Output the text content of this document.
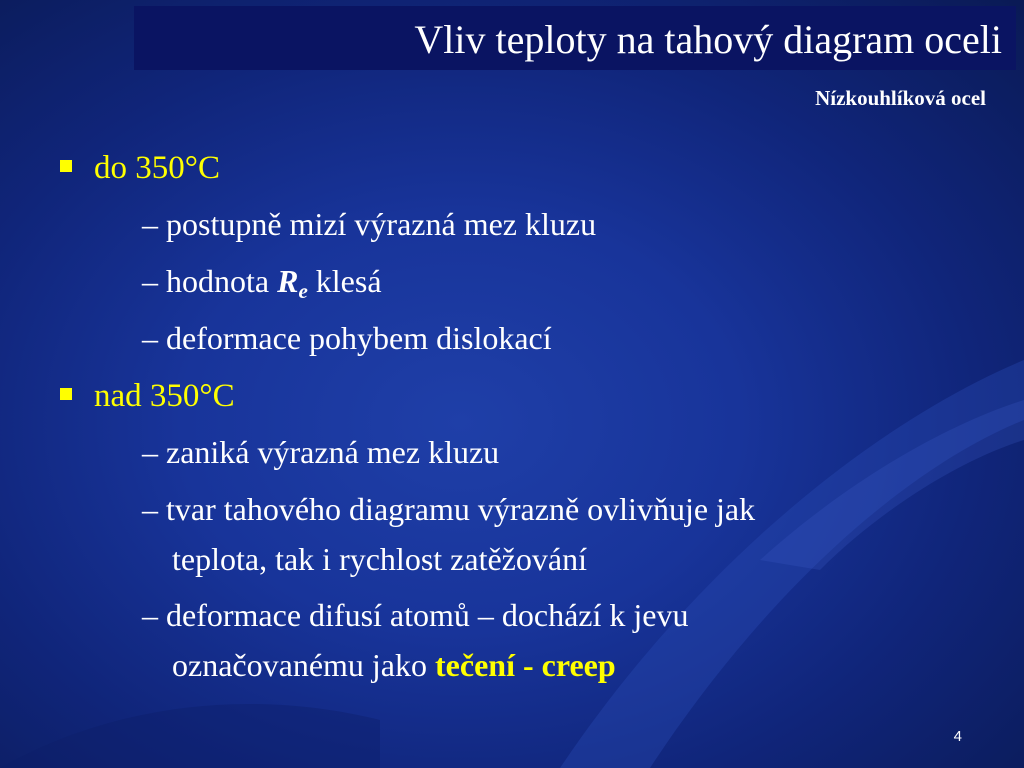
Vliv teploty na tahový diagram oceli
Nízkouhlíková ocel
do 350°C
– postupně mizí výrazná mez kluzu
– hodnota Re klesá
– deformace pohybem dislokací
nad 350°C
– zaniká výrazná mez kluzu
– tvar tahového diagramu výrazně ovlivňuje jak
teplota, tak i rychlost zatěžování
– deformace difusí atomů – dochází k jevu
označovanému jako tečení - creep
4
